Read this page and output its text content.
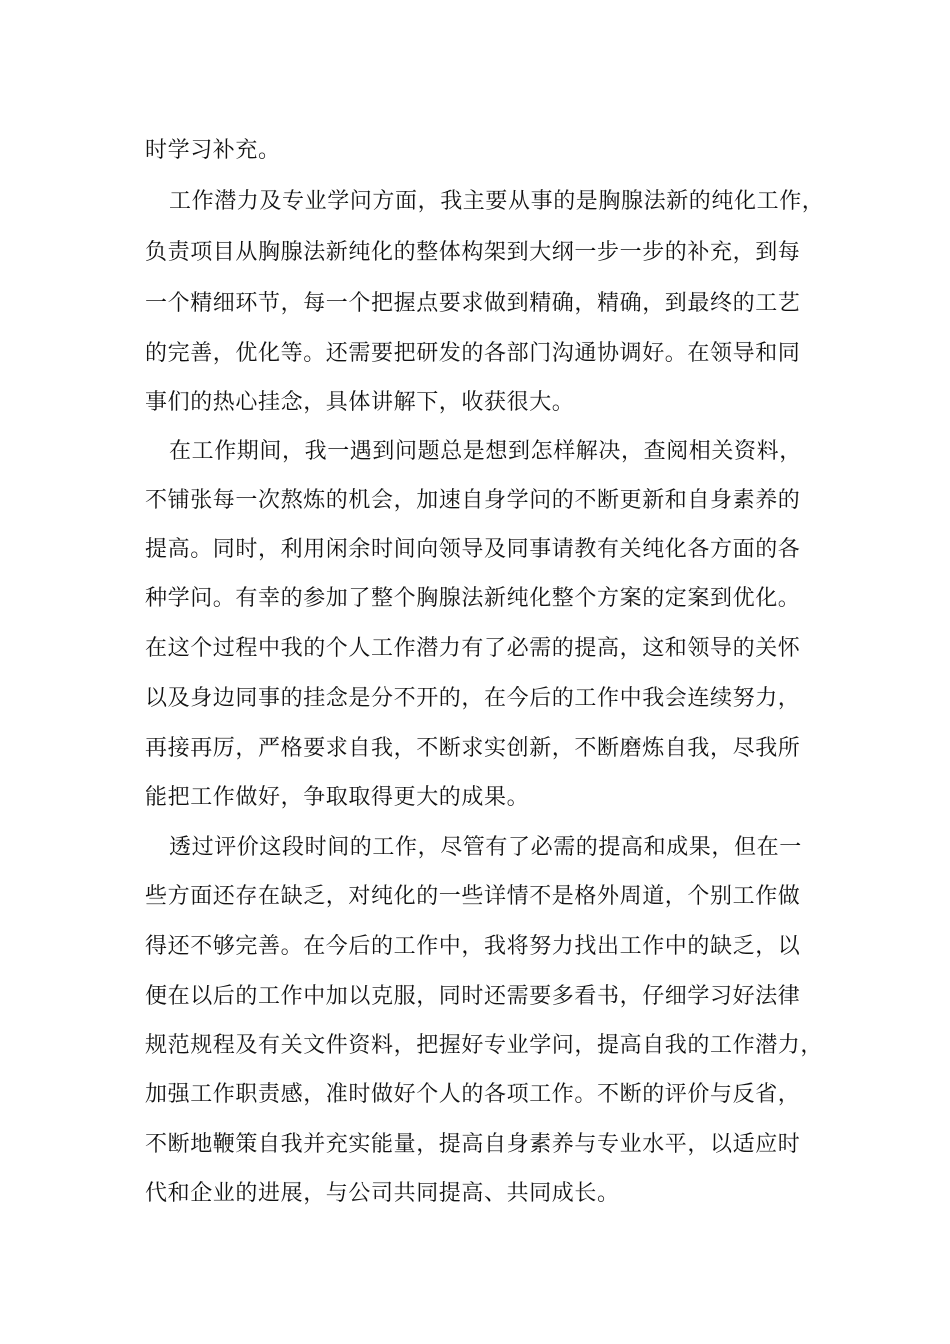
时学习补充。
工作潜力及专业学问方面，我主要从事的是胸腺法新的纯化工作，
负责项目从胸腺法新纯化的整体构架到大纲一步一步的补充，到每
一个精细环节，每一个把握点要求做到精确，精确，到最终的工艺
的完善，优化等。还需要把研发的各部门沟通协调好。在领导和同
事们的热心挂念，具体讲解下，收获很大。
在工作期间，我一遇到问题总是想到怎样解决，查阅相关资料，
不铺张每一次熬炼的机会，加速自身学问的不断更新和自身素养的
提高。同时，利用闲余时间向领导及同事请教有关纯化各方面的各
种学问。有幸的参加了整个胸腺法新纯化整个方案的定案到优化。
在这个过程中我的个人工作潜力有了必需的提高，这和领导的关怀
以及身边同事的挂念是分不开的，在今后的工作中我会连续努力，
再接再厉，严格要求自我，不断求实创新，不断磨炼自我，尽我所
能把工作做好，争取取得更大的成果。
透过评价这段时间的工作，尽管有了必需的提高和成果，但在一
些方面还存在缺乏，对纯化的一些详情不是格外周道，个别工作做
得还不够完善。在今后的工作中，我将努力找出工作中的缺乏，以
便在以后的工作中加以克服，同时还需要多看书，仔细学习好法律
规范规程及有关文件资料，把握好专业学问，提高自我的工作潜力，
加强工作职责感，准时做好个人的各项工作。不断的评价与反省，
不断地鞭策自我并充实能量，提高自身素养与专业水平，以适应时
代和企业的进展，与公司共同提高、共同成长。
